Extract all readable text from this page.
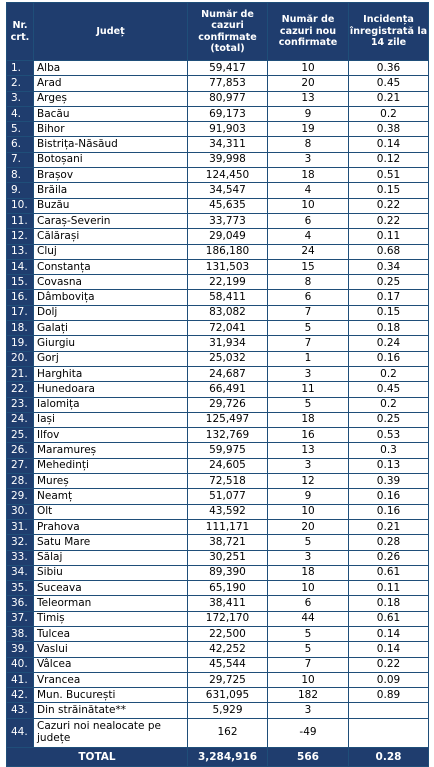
Nr. crt.	Județ	Număr de cazuri confirmate (total)	Număr de cazuri nou confirmate	Incidența înregistrată la 14 zile
1.	Alba	59,417	10	0.36
2.	Arad	77,853	20	0.45
3.	Argeș	80,977	13	0.21
4.	Bacău	69,173	9	0.2
5.	Bihor	91,903	19	0.38
6.	Bistrița-Năsăud	34,311	8	0.14
7.	Botoșani	39,998	3	0.12
8.	Brașov	124,450	18	0.51
9.	Brăila	34,547	4	0.15
10.	Buzău	45,635	10	0.22
11.	Caraș-Severin	33,773	6	0.22
12.	Călărași	29,049	4	0.11
13.	Cluj	186,180	24	0.68
14.	Constanța	131,503	15	0.34
15.	Covasna	22,199	8	0.25
16.	Dâmbovița	58,411	6	0.17
17.	Dolj	83,082	7	0.15
18.	Galați	72,041	5	0.18
19.	Giurgiu	31,934	7	0.24
20.	Gorj	25,032	1	0.16
21.	Harghita	24,687	3	0.2
22.	Hunedoara	66,491	11	0.45
23.	Ialomița	29,726	5	0.2
24.	Iași	125,497	18	0.25
25.	Ilfov	132,769	16	0.53
26.	Maramureș	59,975	13	0.3
27.	Mehedinți	24,605	3	0.13
28.	Mureș	72,518	12	0.39
29.	Neamț	51,077	9	0.16
30.	Olt	43,592	10	0.16
31.	Prahova	111,171	20	0.21
32.	Satu Mare	38,721	5	0.28
33.	Sălaj	30,251	3	0.26
34.	Sibiu	89,390	18	0.61
35.	Suceava	65,190	10	0.11
36.	Teleorman	38,411	6	0.18
37.	Timiș	172,170	44	0.61
38.	Tulcea	22,500	5	0.14
39.	Vaslui	42,252	5	0.14
40.	Vâlcea	45,544	7	0.22
41.	Vrancea	29,725	10	0.09
42.	Mun. București	631,095	182	0.89
43.	Din străinătate**	5,929	3	
44.	Cazuri noi nealocate pe județe	162	-49	
TOTAL		3,284,916	566	0.28
